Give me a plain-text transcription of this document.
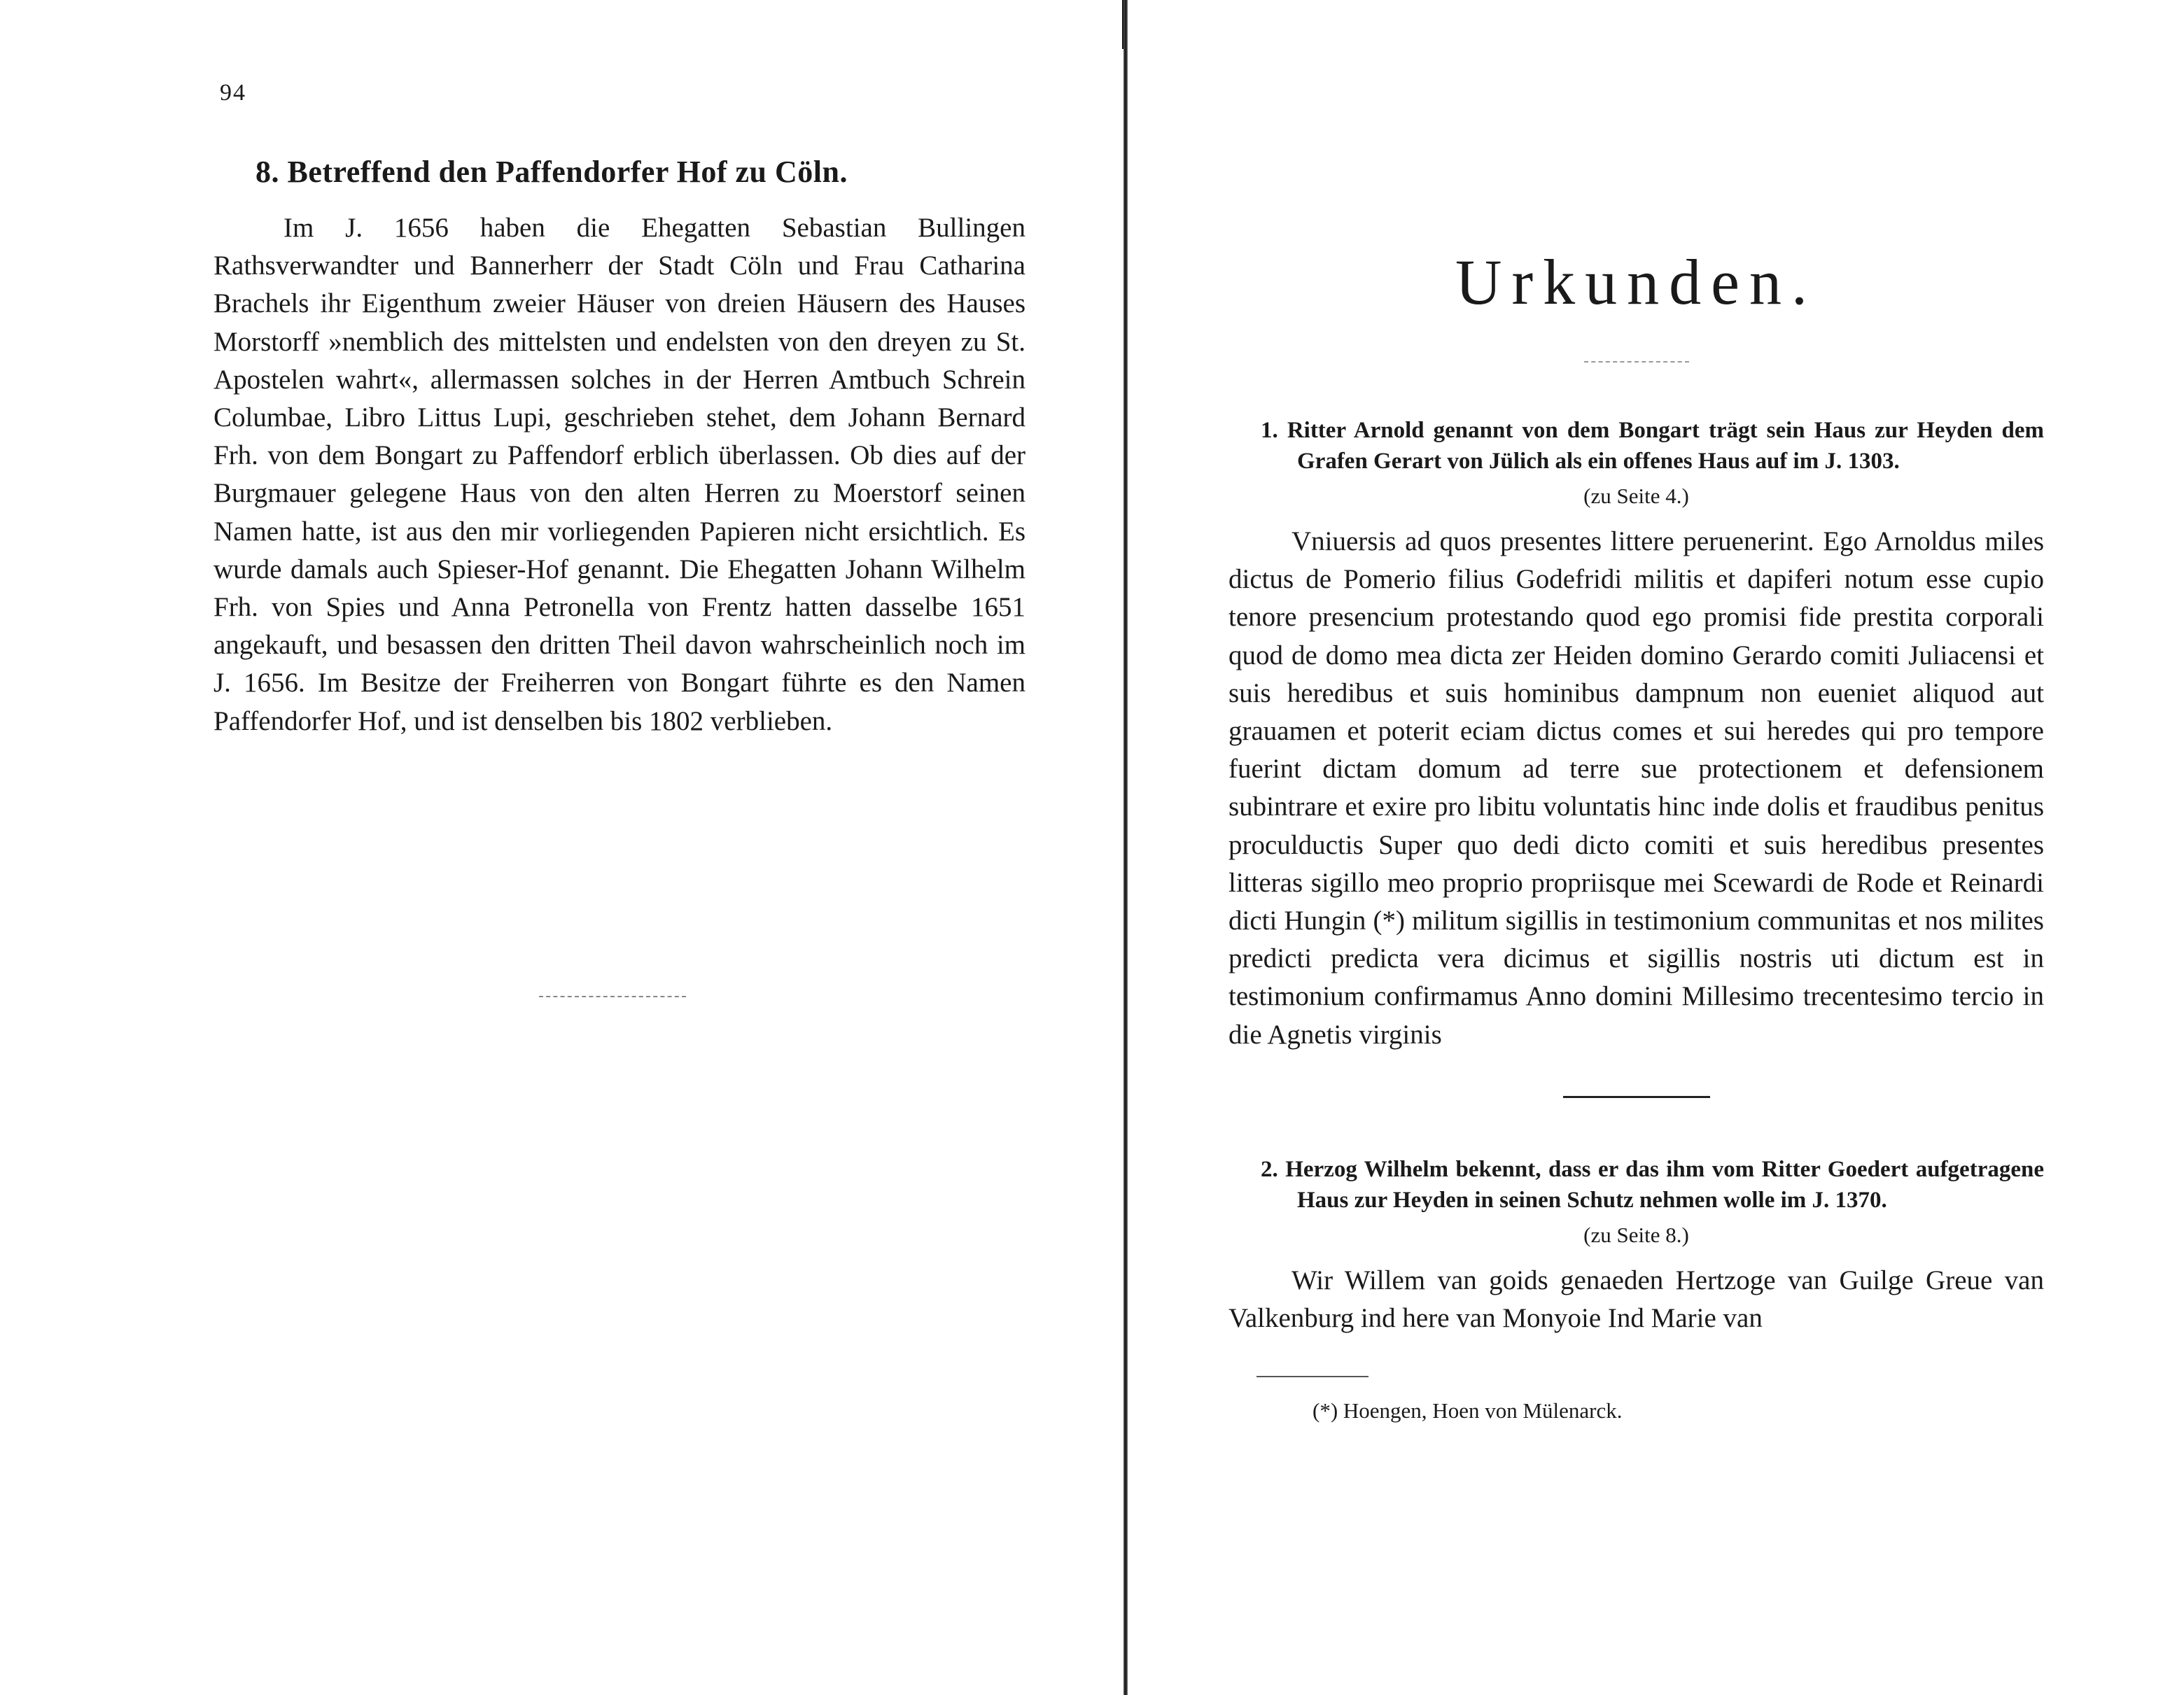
94
8. Betreffend den Paffendorfer Hof zu Cöln.

Im J. 1656 haben die Ehegatten Sebastian Bullingen Rathsverwandter und Bannerherr der Stadt Cöln und Frau Catharina Brachels ihr Eigenthum zweier Häuser von dreien Häusern des Hauses Morstorff »nemblich des mittelsten und endelsten von den dreyen zu St. Apostelen wahrt«, allermassen solches in der Herren Amtbuch Schrein Columbae, Libro Littus Lupi, geschrieben stehet, dem Johann Bernard Frh. von dem Bongart zu Paffendorf erblich überlassen. Ob dies auf der Burgmauer gelegene Haus von den alten Herren zu Moerstorf seinen Namen hatte, ist aus den mir vorliegenden Papieren nicht ersichtlich. Es wurde damals auch Spieser-Hof genannt. Die Ehegatten Johann Wilhelm Frh. von Spies und Anna Petronella von Frentz hatten dasselbe 1651 angekauft, und besassen den dritten Theil davon wahrscheinlich noch im J. 1656. Im Besitze der Freiherren von Bongart führte es den Namen Paffendorfer Hof, und ist denselben bis 1802 verblieben.

Urkunden.
1. Ritter Arnold genannt von dem Bongart trägt sein Haus zur Heyden dem Grafen Gerart von Jülich als ein offenes Haus auf im J. 1303.
(zu Seite 4.)

Vniuersis ad quos presentes littere peruenerint. Ego Arnoldus miles dictus de Pomerio filius Godefridi militis et dapiferi notum esse cupio tenore presencium protestando quod ego promisi fide prestita corporali quod de domo mea dicta zer Heiden domino Gerardo comiti Juliacensi et suis heredibus et suis hominibus dampnum non eueniet aliquod aut grauamen et poterit eciam dictus comes et sui heredes qui pro tempore fuerint dictam domum ad terre sue protectionem et defensionem subintrare et exire pro libitu voluntatis hinc inde dolis et fraudibus penitus proculductis Super quo dedi dicto comiti et suis heredibus presentes litteras sigillo meo proprio propriisque mei Scewardi de Rode et Reinardi dicti Hungin (*) militum sigillis in testimonium communitas et nos milites predicti predicta vera dicimus et sigillis nostris uti dictum est in testimonium confirmamus Anno domini Millesimo trecentesimo tercio in die Agnetis virginis

2. Herzog Wilhelm bekennt, dass er das ihm vom Ritter Goedert aufgetragene Haus zur Heyden in seinen Schutz nehmen wolle im J. 1370.
(zu Seite 8.)

Wir Willem van goids genaeden Hertzoge van Guilge Greue van Valkenburg ind here van Monyoie Ind Marie van

(*) Hoengen, Hoen von Mülenarck.
